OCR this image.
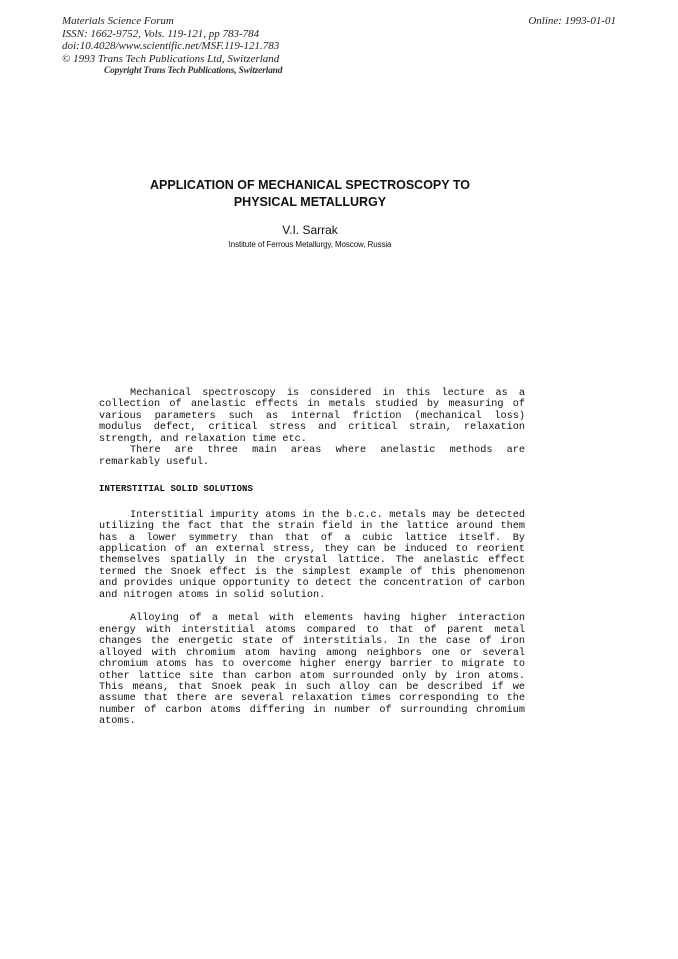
Materials Science Forum
ISSN: 1662-9752, Vols. 119-121, pp 783-784
doi:10.4028/www.scientific.net/MSF.119-121.783
© 1993 Trans Tech Publications Ltd, Switzerland
Copyright Trans Tech Publications, Switzerland
Online: 1993-01-01
APPLICATION OF MECHANICAL SPECTROSCOPY TO
PHYSICAL METALLURGY
V.I. Sarrak
Institute of Ferrous Metallurgy, Moscow, Russia

Mechanical spectroscopy is considered in this lecture as a collection of anelastic effects in metals studied by measuring of various parameters such as internal friction (mechanical loss) modulus defect, critical stress and critical strain, relaxation strength, and relaxation time etc.

There are three main areas where anelastic methods are remarkably useful.

INTERSTITIAL SOLID SOLUTIONS

Interstitial impurity atoms in the b.c.c. metals may be detected utilizing the fact that the strain field in the lattice around them has a lower symmetry than that of a cubic lattice itself. By application of an external stress, they can be induced to reorient themselves spatially in the crystal lattice. The anelastic effect termed the Snoek effect is the simplest example of this phenomenon and provides unique opportunity to detect the concentration of carbon and nitrogen atoms in solid solution.

Alloying of a metal with elements having higher interaction energy with interstitial atoms compared to that of parent metal changes the energetic state of interstitials. In the case of iron alloyed with chromium atom having among neighbors one or several chromium atoms has to overcome higher energy barrier to migrate to other lattice site than carbon atom surrounded only by iron atoms. This means, that Snoek peak in such alloy can be described if we assume that there are several relaxation times corresponding to the number of carbon atoms differing in number of surrounding chromium atoms.
